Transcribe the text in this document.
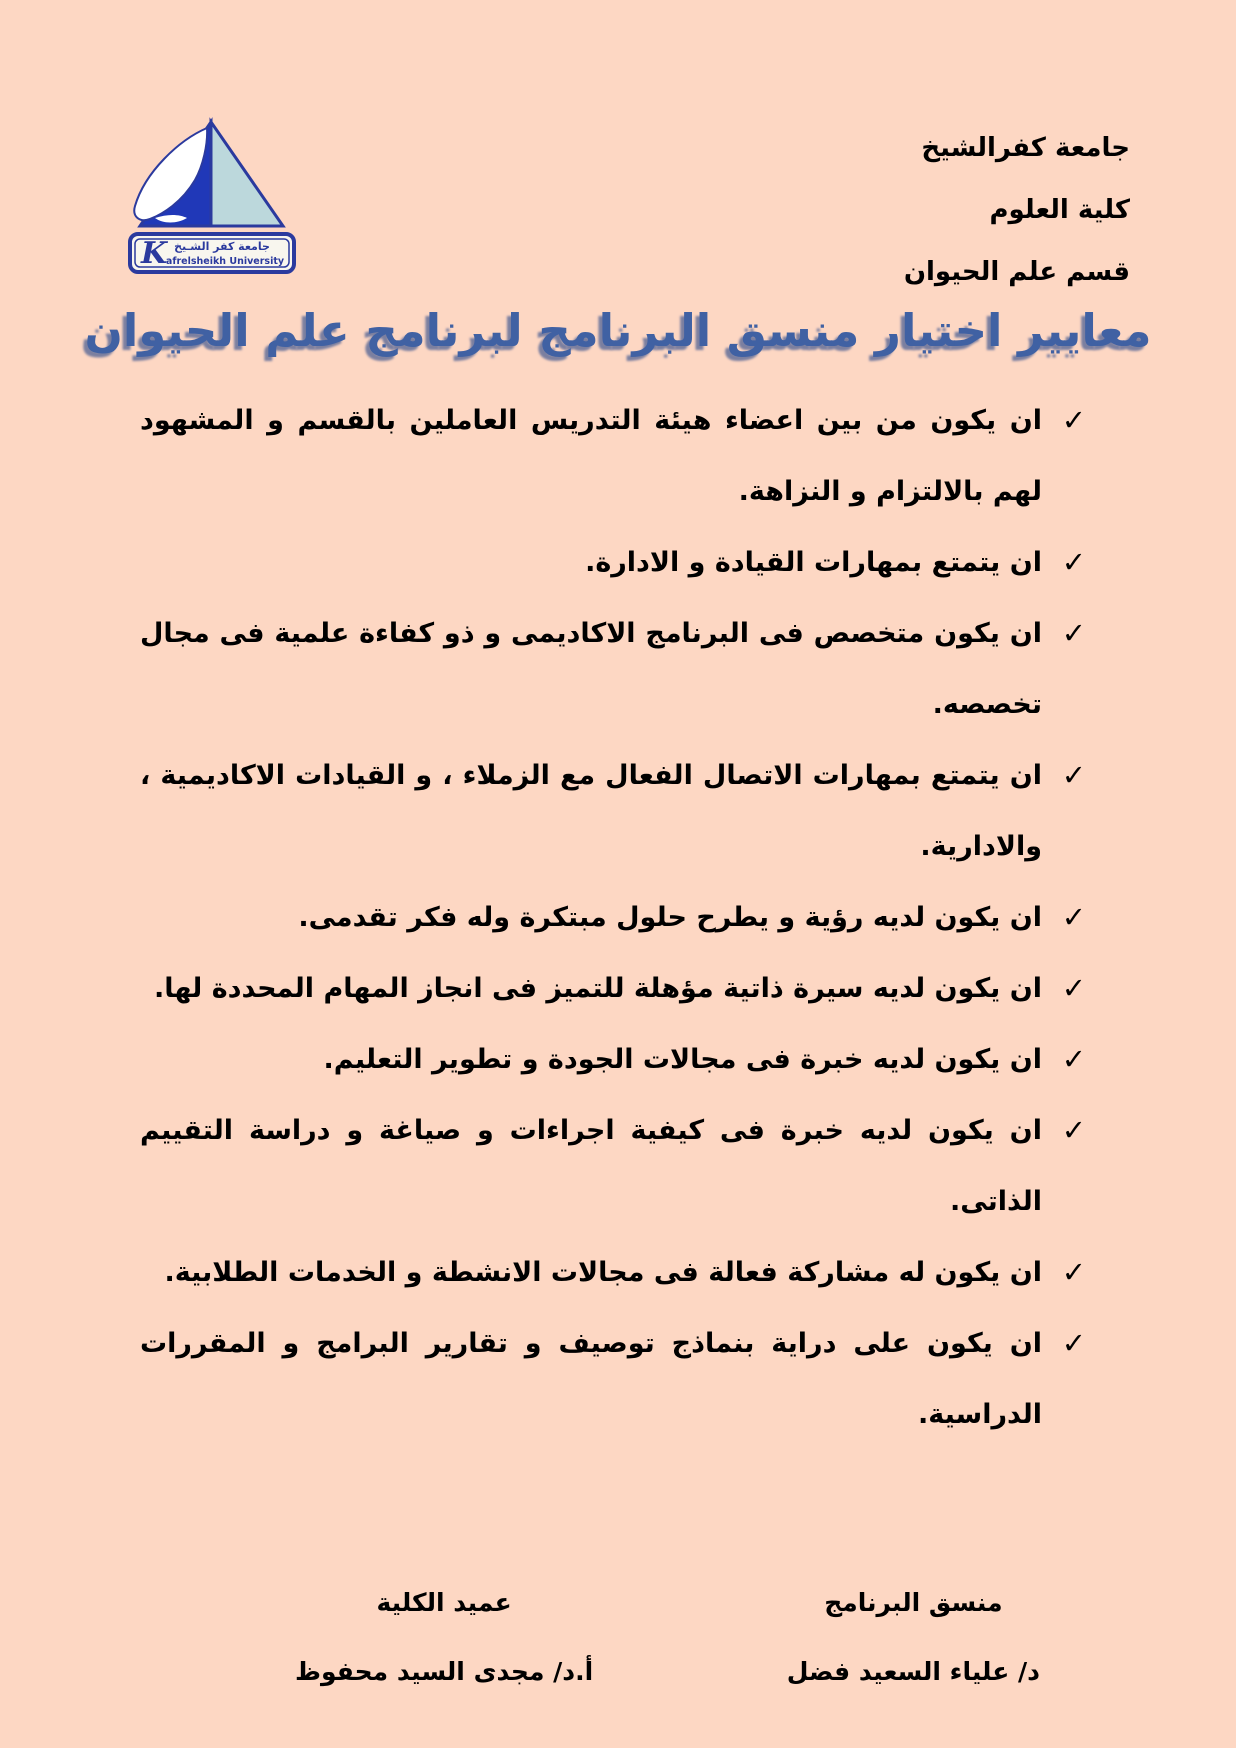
K جامعة كفر الشـيخ
afrelsheikh University
جامعة كفرالشيخ
كلية العلوم
قسم علم الحيوان
معايير اختيار منسق البرنامج لبرنامج علم الحيوان
✓
ان يكون من بين اعضاء هيئة التدريس العاملين بالقسم و المشهود لهم بالالتزام و النزاهة.
✓
ان يتمتع بمهارات القيادة و الادارة.
✓
ان يكون متخصص فى البرنامج الاكاديمى و ذو كفاءة علمية فى مجال تخصصه.
✓
ان يتمتع بمهارات الاتصال الفعال مع الزملاء ، و القيادات الاكاديمية ، والادارية.
✓
ان يكون لديه رؤية و يطرح حلول مبتكرة وله فكر تقدمى.
✓
ان يكون لديه سيرة ذاتية مؤهلة للتميز فى انجاز المهام المحددة لها.
✓
ان يكون لديه خبرة فى مجالات الجودة و تطوير التعليم.
✓
ان يكون لديه خبرة فى كيفية اجراءات و صياغة و دراسة التقييم الذاتى.
✓
ان يكون له مشاركة فعالة فى مجالات الانشطة و الخدمات الطلابية.
✓
ان يكون على دراية بنماذج توصيف و تقارير البرامج و المقررات الدراسية.
منسق البرنامج
د/ علياء السعيد فضل
عميد الكلية
أ.د/ مجدى السيد محفوظ
